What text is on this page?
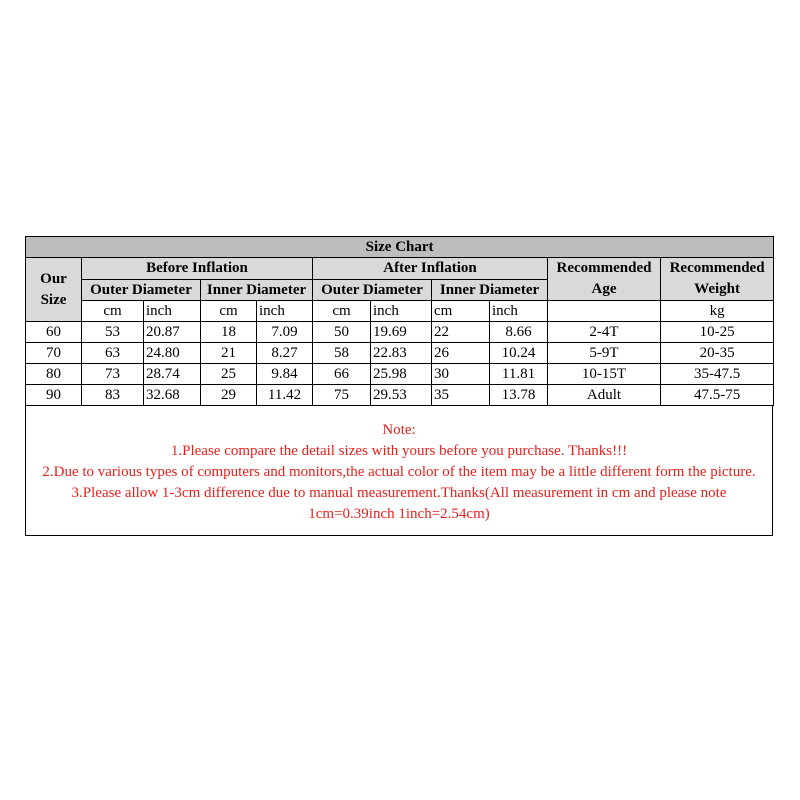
Size Chart										
Our Size	Before Inflation				After Inflation				Recommended Age	Recommended Weight
	Outer Diameter		Inner Diameter		Outer Diameter		Inner Diameter			
	cm	inch	cm	inch	cm	inch	cm	inch		kg
60	53	20.87	18	7.09	50	19.69	22	8.66	2-4T	10-25
70	63	24.80	21	8.27	58	22.83	26	10.24	5-9T	20-35
80	73	28.74	25	9.84	66	25.98	30	11.81	10-15T	35-47.5
90	83	32.68	29	11.42	75	29.53	35	13.78	Adult	47.5-75
Note:
1.Please compare the detail sizes with yours before you purchase. Thanks!!!
2.Due to various types of computers and monitors,the actual color of the item may be a little different form the picture.
3.Please allow 1-3cm difference due to manual measurement.Thanks(All measurement in cm and please note 1cm=0.39inch 1inch=2.54cm)
